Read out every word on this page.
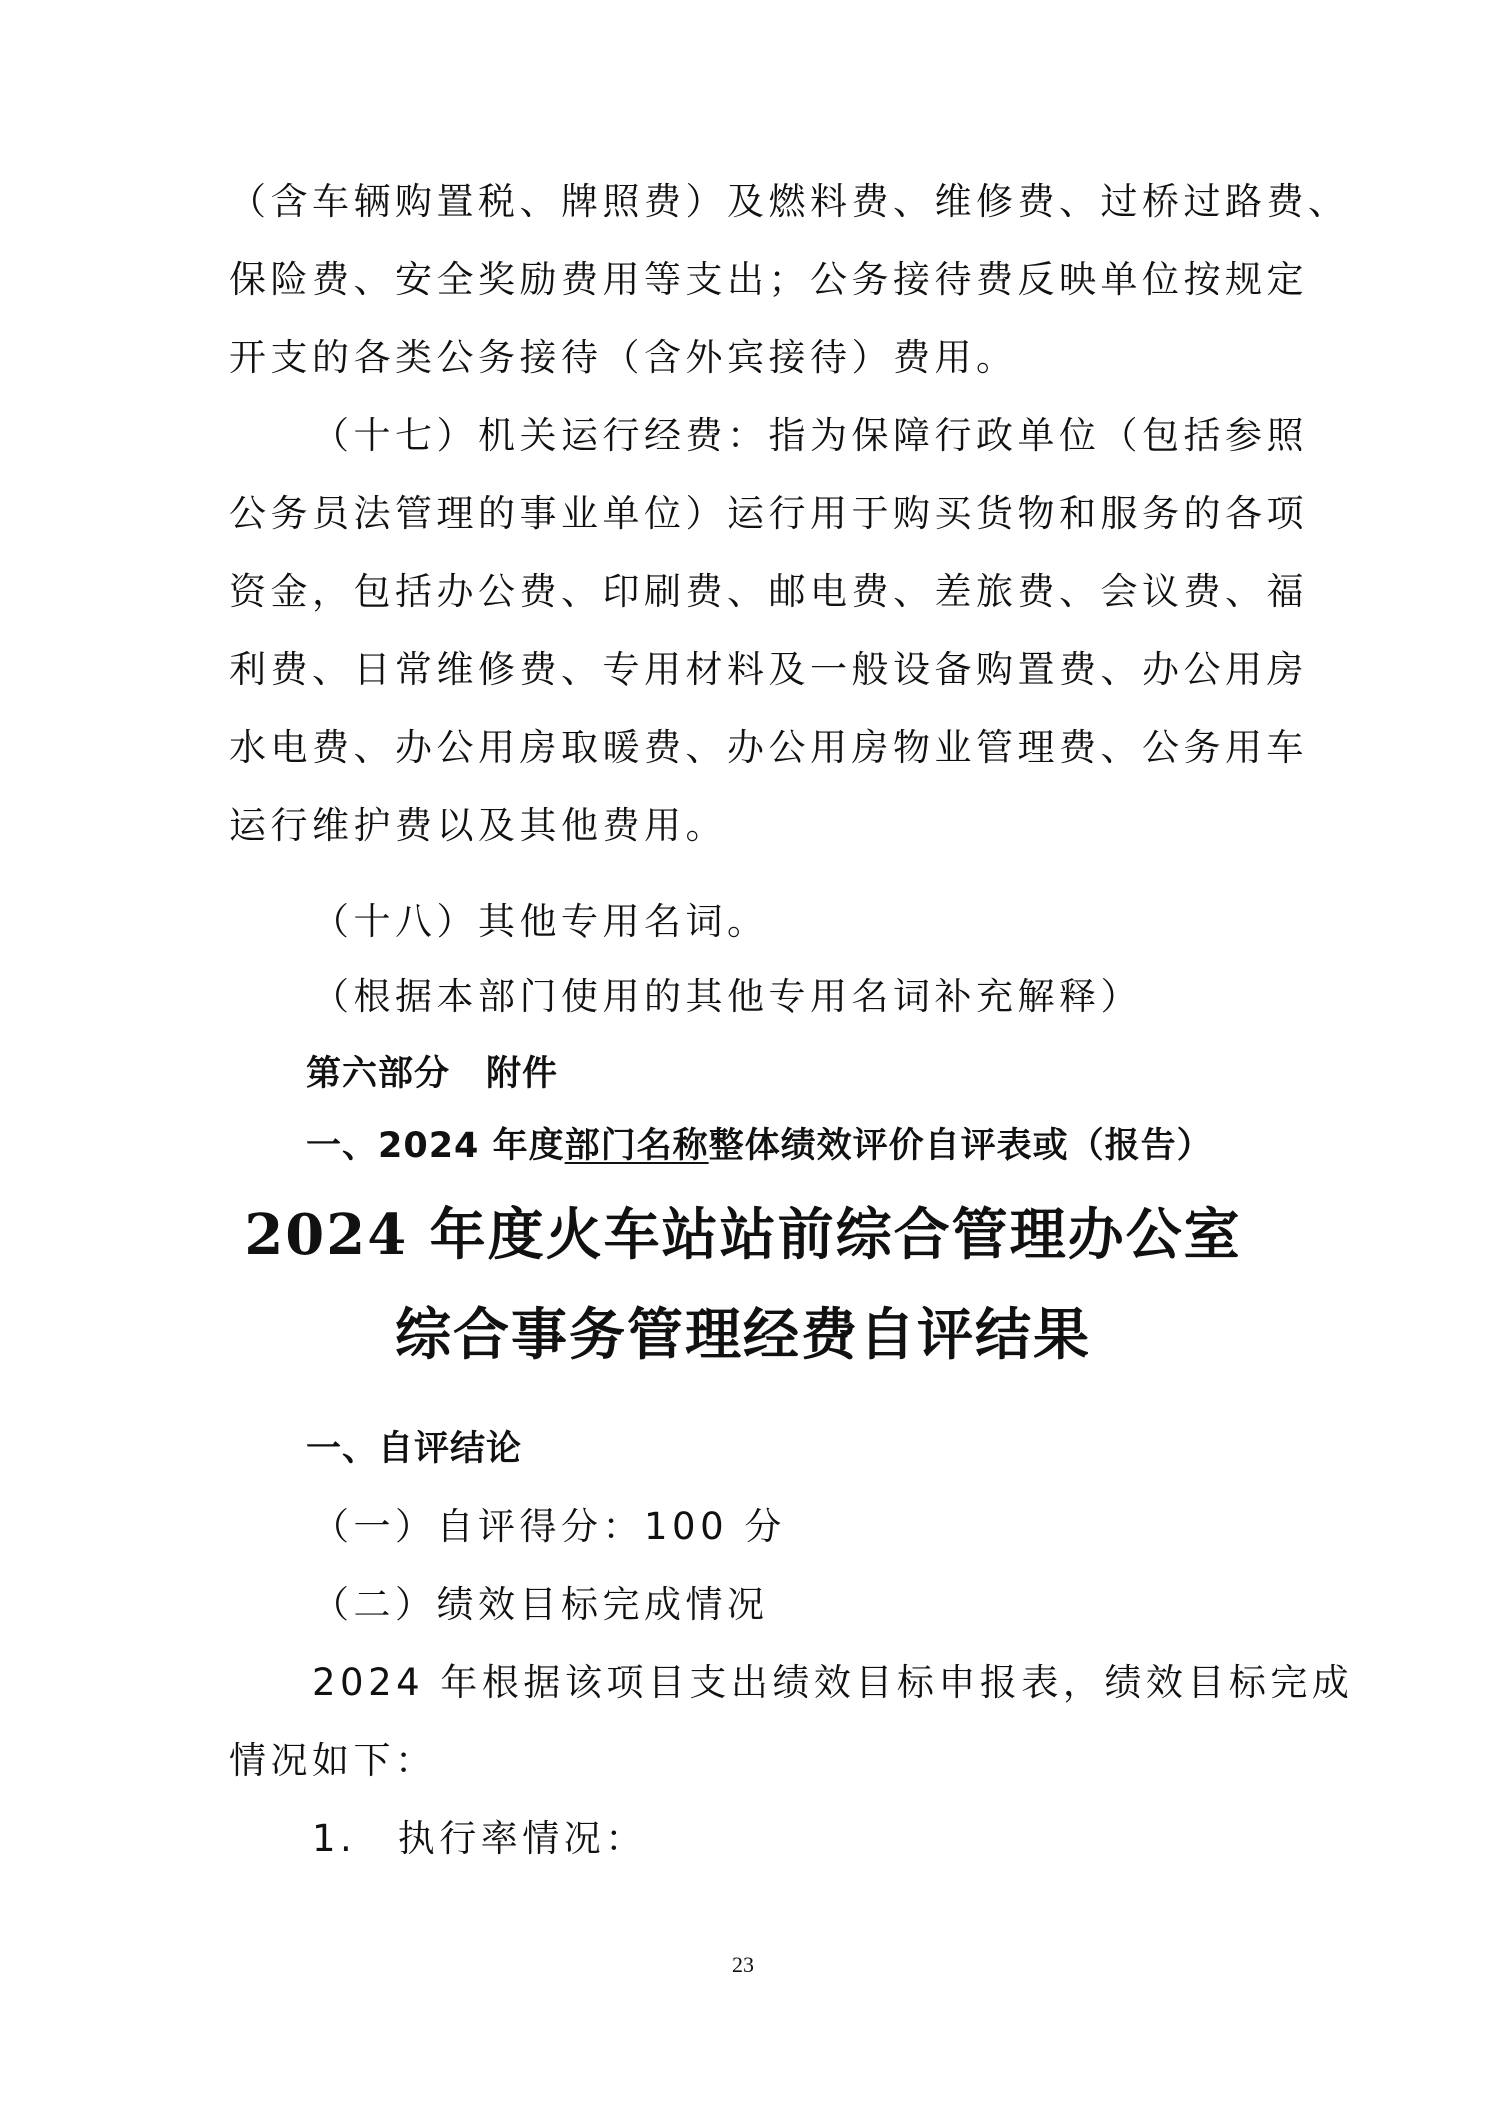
（含车辆购置税、牌照费）及燃料费、维修费、过桥过路费、

保险费、安全奖励费用等支出；公务接待费反映单位按规定

开支的各类公务接待（含外宾接待）费用。

（十七）机关运行经费：指为保障行政单位（包括参照

公务员法管理的事业单位）运行用于购买货物和服务的各项

资金，包括办公费、印刷费、邮电费、差旅费、会议费、福

利费、日常维修费、专用材料及一般设备购置费、办公用房

水电费、办公用房取暖费、办公用房物业管理费、公务用车

运行维护费以及其他费用。

（十八）其他专用名词。

（根据本部门使用的其他专用名词补充解释）

第六部分　附件

一、2024 年度部门名称整体绩效评价自评表或（报告）

2024 年度火车站站前综合管理办公室
综合事务管理经费自评结果

一、自评结论

（一）自评得分：100 分

（二）绩效目标完成情况

2024 年根据该项目支出绩效目标申报表，绩效目标完成

情况如下：

1.　执行率情况：

23
